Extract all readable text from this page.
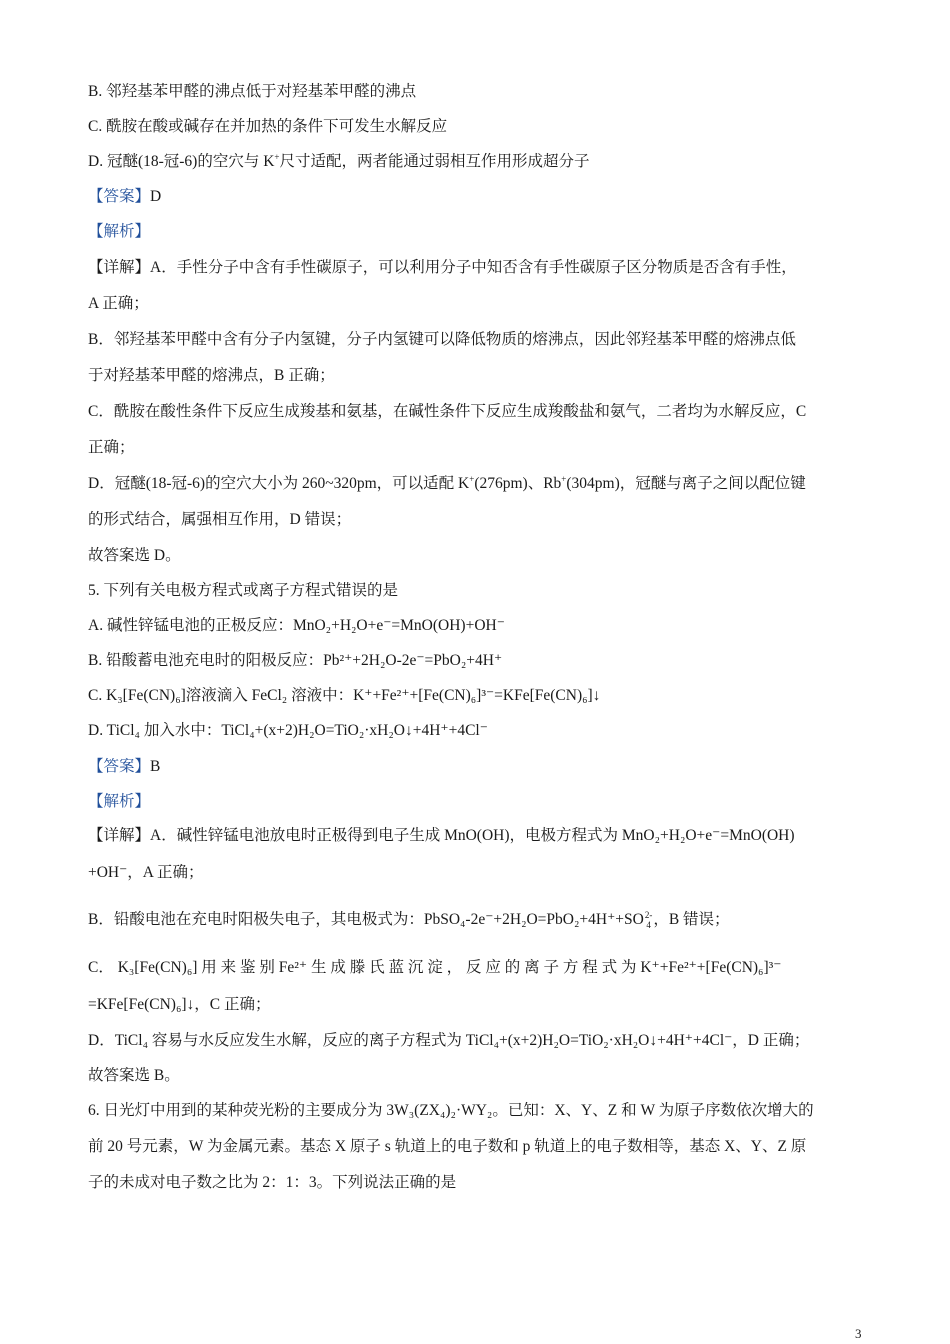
B. 邻羟基苯甲醛的沸点低于对羟基苯甲醛的沸点
C. 酰胺在酸或碱存在并加热的条件下可发生水解反应
D. 冠醚(18-冠-6)的空穴与 K+尺寸适配，两者能通过弱相互作用形成超分子
【答案】D
【解析】
【详解】A．手性分子中含有手性碳原子，可以利用分子中知否含有手性碳原子区分物质是否含有手性，
A 正确；
B．邻羟基苯甲醛中含有分子内氢键，分子内氢键可以降低物质的熔沸点，因此邻羟基苯甲醛的熔沸点低
于对羟基苯甲醛的熔沸点，B 正确；
C．酰胺在酸性条件下反应生成羧基和氨基，在碱性条件下反应生成羧酸盐和氨气，二者均为水解反应，C
正确；
D．冠醚(18-冠-6)的空穴大小为 260~320pm，可以适配 K+(276pm)、Rb+(304pm)，冠醚与离子之间以配位键
的形式结合，属强相互作用，D 错误；
故答案选 D。
5. 下列有关电极方程式或离子方程式错误的是
A. 碱性锌锰电池的正极反应：MnO₂+H₂O+e⁻=MnO(OH)+OH⁻
B. 铅酸蓄电池充电时的阳极反应：Pb²⁺+2H₂O-2e⁻=PbO₂+4H⁺
C. K₃[Fe(CN)₆]溶液滴入 FeCl₂ 溶液中：K⁺+Fe²⁺+[Fe(CN)₆]³⁻=KFe[Fe(CN)₆]↓
D. TiCl₄ 加入水中：TiCl₄+(x+2)H₂O=TiO₂·xH₂O↓+4H⁺+4Cl⁻
【答案】B
【解析】
【详解】A．碱性锌锰电池放电时正极得到电子生成 MnO(OH)，电极方程式为 MnO₂+H₂O+e⁻=MnO(OH)
+OH⁻，A 正确；
B．铅酸电池在充电时阳极失电子，其电极式为：PbSO₄-2e⁻+2H₂O=PbO₂+4H⁺+SO 2-
4 ，B 错误；
C． K₃[Fe(CN)₆] 用 来 鉴 别 Fe²⁺ 生 成 滕 氏 蓝 沉 淀 ， 反 应 的 离 子 方 程 式 为 K⁺+Fe²⁺+[Fe(CN)₆]³⁻
=KFe[Fe(CN)₆]↓，C 正确；
D．TiCl₄ 容易与水反应发生水解，反应的离子方程式为 TiCl₄+(x+2)H₂O=TiO₂·xH₂O↓+4H⁺+4Cl⁻，D 正确；
故答案选 B。
6. 日光灯中用到的某种荧光粉的主要成分为 3W₃(ZX₄)₂·WY₂。已知：X、Y、Z 和 W 为原子序数依次增大的
前 20 号元素，W 为金属元素。基态 X 原子 s 轨道上的电子数和 p 轨道上的电子数相等，基态 X、Y、Z 原
子的未成对电子数之比为 2：1：3。下列说法正确的是
3
